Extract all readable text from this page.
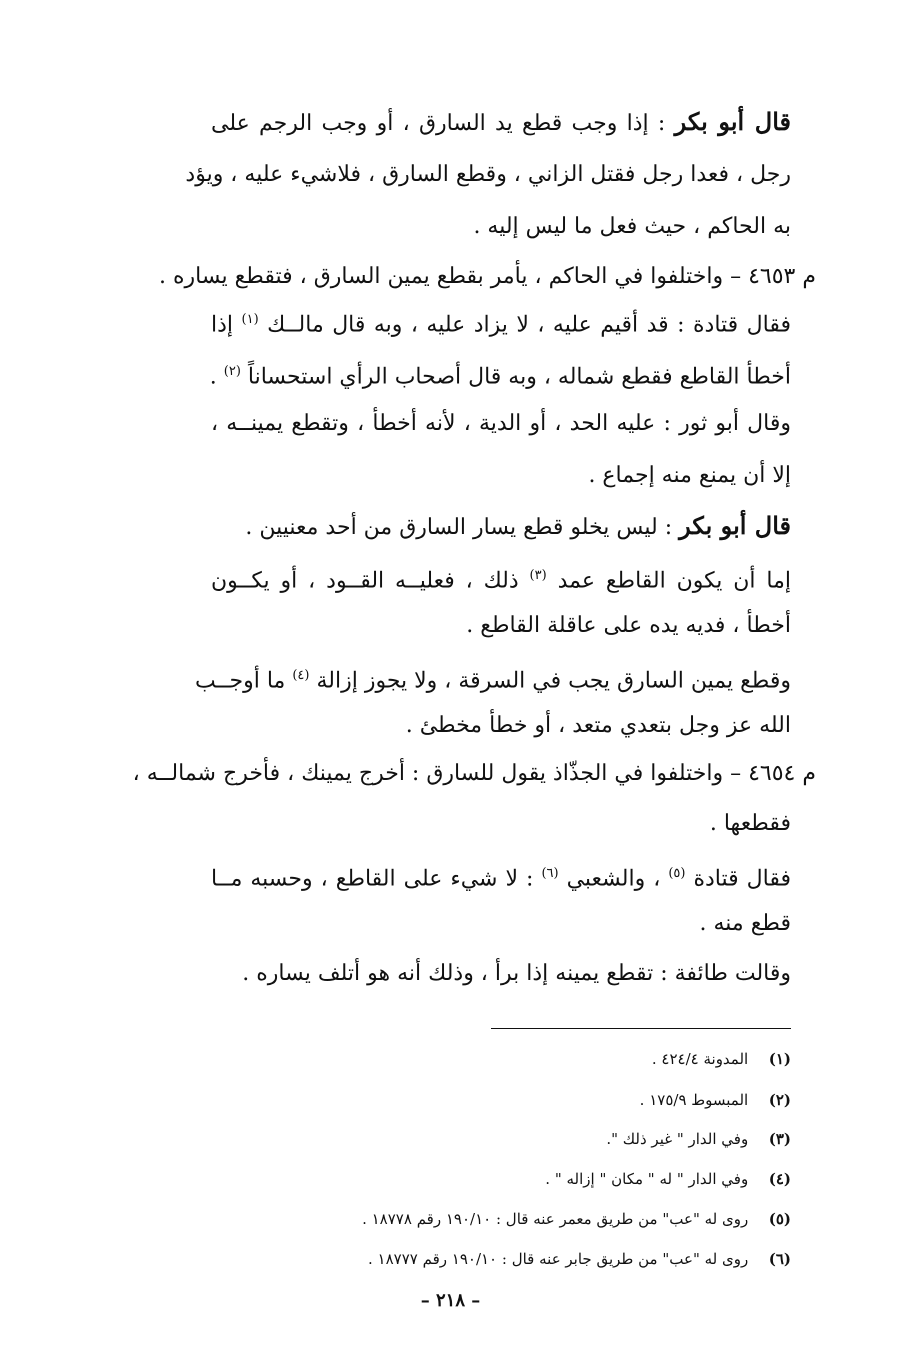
قال أبو بكر : إذا وجب قطع يد السارق ، أو وجب الرجم على
رجل ، فعدا رجل فقتل الزاني ، وقطع السارق ، فلاشيء عليه ، ويؤد
به الحاكم ، حيث فعل ما ليس إليه .
م ٤٦٥٣ – واختلفوا في الحاكم ، يأمر بقطع يمين السارق ، فتقطع يساره .
فقال قتادة : قد أقيم عليه ، لا يزاد عليه ، وبه قال مالــك $^{(١)}$ إذا
أخطأ القاطع فقطع شماله ، وبه قال أصحاب الرأي استحساناً $^{(٢)}$ .
وقال أبو ثور : عليه الحد ، أو الدية ، لأنه أخطأ ، وتقطع يمينــه ،
إلا أن يمنع منه إجماع .
قال أبو بكر : ليس يخلو قطع يسار السارق من أحد معنيين .
إما أن يكون القاطع عمد $^{(٣)}$ ذلك ، فعليــه القــود ، أو يكــون
أخطأ ، فديه يده على عاقلة القاطع .
وقطع يمين السارق يجب في السرقة ، ولا يجوز إزالة $^{(٤)}$ ما أوجــب
الله عز وجل بتعدي متعد ، أو خطأ مخطئ .
م ٤٦٥٤ – واختلفوا في الجذّاذ يقول للسارق : أخرج يمينك ، فأخرج شمالــه ،
فقطعها .
فقال قتادة $^{(٥)}$ ، والشعبي $^{(٦)}$ : لا شيء على القاطع ، وحسبه مــا
قطع منه .
وقالت طائفة : تقطع يمينه إذا برأ ، وذلك أنه هو أتلف يساره .
(١) المدونة ٤٢٤/٤ .
(٢) المبسوط ١٧٥/٩ .
(٣) وفي الدار " غير ذلك ".
(٤) وفي الدار " له " مكان " إزاله " .
(٥) روى له "عب" من طريق معمر عنه قال : ١٩٠/١٠ رقم ١٨٧٧٨ .
(٦) روى له "عب" من طريق جابر عنه قال : ١٩٠/١٠ رقم ١٨٧٧٧ .
– ٢١٨ –
